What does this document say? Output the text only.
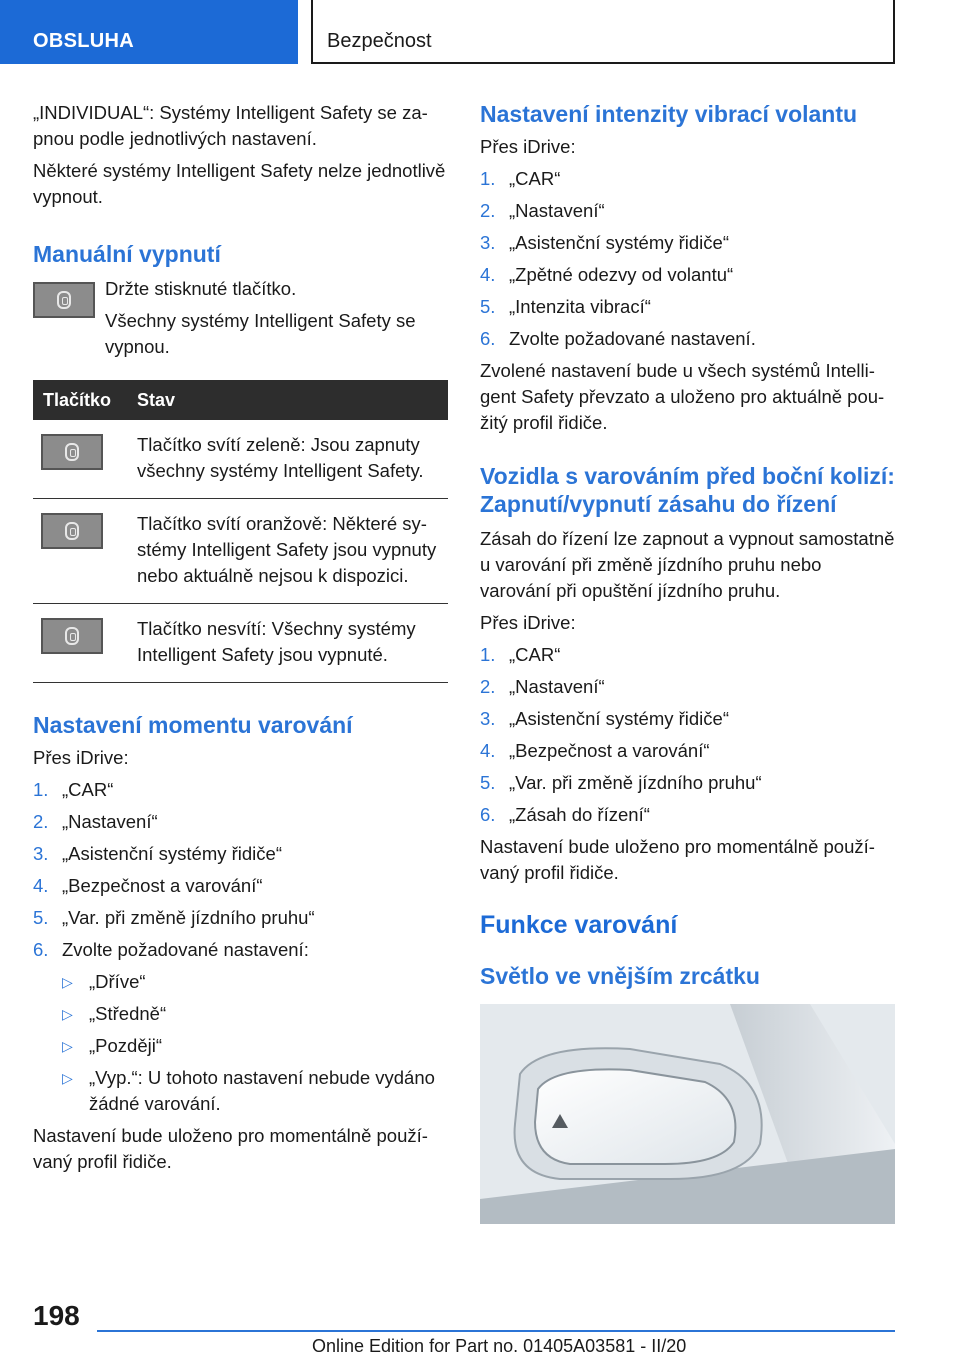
OBSLUHA	Bezpečnost

„INDIVIDUAL“: Systémy Intelligent Safety se zapnou podle jednotlivých nastavení.

Některé systémy Intelligent Safety nelze jednotlivě vypnout.

Manuální vypnutí

Držte stisknuté tlačítko.

Všechny systémy Intelligent Safety se vypnou.

Tlačítko	Stav

	Tlačítko svítí zeleně: Jsou zapnuty všechny systémy Intelligent Safety.

	Tlačítko svítí oranžově: Některé systémy Intelligent Safety jsou vypnuty nebo aktuálně nejsou k dispozici.

	Tlačítko nesvítí: Všechny systémy Intelligent Safety jsou vypnuté.
Nastavení momentu varování

Přes iDrive:

1. „CAR“
2. „Nastavení“
3. „Asistenční systémy řidiče“
4. „Bezpečnost a varování“
5. „Var. při změně jízdního pruhu“
6. Zvolte požadované nastavení:
▷ „Dříve“
▷ „Středně“
▷ „Později“
▷ „Vyp.“: U tohoto nastavení nebude vydáno žádné varování.

Nastavení bude uloženo pro momentálně používaný profil řidiče.

Nastavení intenzity vibrací volantu

Přes iDrive:

1. „CAR“
2. „Nastavení“
3. „Asistenční systémy řidiče“
4. „Zpětné odezvy od volantu“
5. „Intenzita vibrací“
6. Zvolte požadované nastavení.

Zvolené nastavení bude u všech systémů Intelligent Safety převzato a uloženo pro aktuálně použitý profil řidiče.

Vozidla s varováním před boční kolizí: Zapnutí/vypnutí zásahu do řízení

Zásah do řízení lze zapnout a vypnout samostatně u varování při změně jízdního pruhu nebo varování při opuštění jízdního pruhu.

Přes iDrive:

1. „CAR“
2. „Nastavení“
3. „Asistenční systémy řidiče“
4. „Bezpečnost a varování“
5. „Var. při změně jízdního pruhu“
6. „Zásah do řízení“

Nastavení bude uloženo pro momentálně používaný profil řidiče.

Funkce varování
Světlo ve vnějším zrcátku
198
Online Edition for Part no. 01405A03581 - II/20
